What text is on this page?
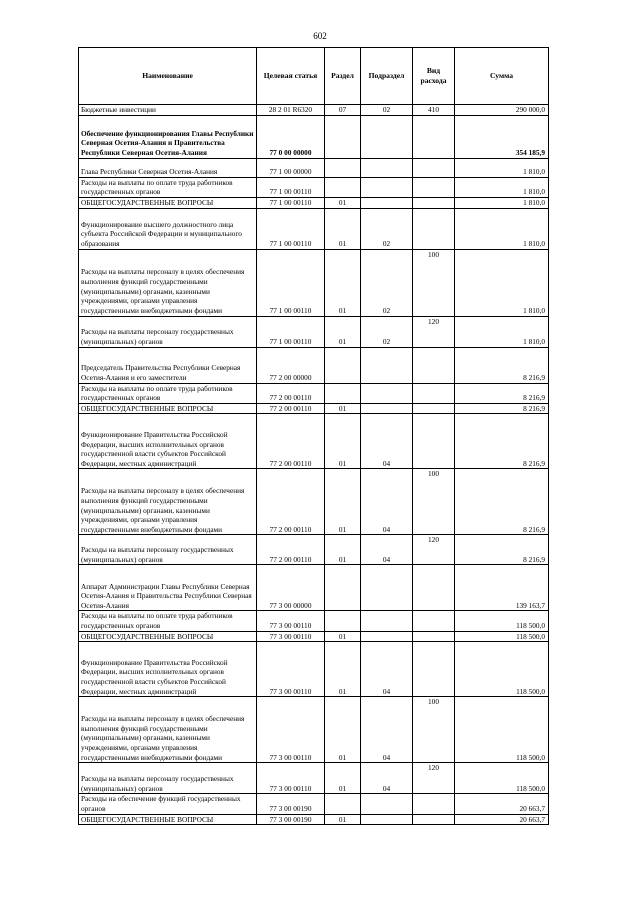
602
Наименование	Целевая статья	Раздел	Подраздел	Вид расхода	Сумма
Бюджетные инвестиции	28 2 01 R6320	07	02	410	290 000,0
Обеспечение функционирования Главы Республики Северная Осетия-Алания и Правительства Республики Северная Осетия-Алания	77 0 00 00000				354 185,9
Глава Республики Северная Осетия-Алания	77 1 00 00000				1 810,0
Расходы на выплаты по оплате труда работников государственных органов	77 1 00 00110				1 810,0
ОБЩЕГОСУДАРСТВЕННЫЕ ВОПРОСЫ	77 1 00 00110	01			1 810,0
Функционирование высшего должностного лица субъекта Российской Федерации и муниципального образования	77 1 00 00110	01	02		1 810,0
Расходы на выплаты персоналу в целях обеспечения выполнения функций государственными (муниципальными) органами, казенными учреждениями, органами управления государственными внебюджетными фондами	77 1 00 00110	01	02	100	1 810,0
Расходы на выплаты персоналу государственных (муниципальных) органов	77 1 00 00110	01	02	120	1 810,0
Председатель Правительства Республики Северная Осетия-Алания и его заместители	77 2 00 00000				8 216,9
Расходы на выплаты по оплате труда работников государственных органов	77 2 00 00110				8 216,9
ОБЩЕГОСУДАРСТВЕННЫЕ ВОПРОСЫ	77 2 00 00110	01			8 216,9
Функционирование Правительства Российской Федерации, высших исполнительных органов государственной власти субъектов Российской Федерации, местных администраций	77 2 00 00110	01	04		8 216,9
Расходы на выплаты персоналу в целях обеспечения выполнения функций государственными (муниципальными) органами, казенными учреждениями, органами управления государственными внебюджетными фондами	77 2 00 00110	01	04	100	8 216,9
Расходы на выплаты персоналу государственных (муниципальных) органов	77 2 00 00110	01	04	120	8 216,9
Аппарат Администрации Главы Республики Северная Осетия-Алания и Правительства Республики Северная Осетия-Алания	77 3 00 00000				139 163,7
Расходы на выплаты по оплате труда работников государственных органов	77 3 00 00110				118 500,0
ОБЩЕГОСУДАРСТВЕННЫЕ ВОПРОСЫ	77 3 00 00110	01			118 500,0
Функционирование Правительства Российской Федерации, высших исполнительных органов государственной власти субъектов Российской Федерации, местных администраций	77 3 00 00110	01	04		118 500,0
Расходы на выплаты персоналу в целях обеспечения выполнения функций государственными (муниципальными) органами, казенными учреждениями, органами управления государственными внебюджетными фондами	77 3 00 00110	01	04	100	118 500,0
Расходы на выплаты персоналу государственных (муниципальных) органов	77 3 00 00110	01	04	120	118 500,0
Расходы на обеспечение функций государственных органов	77 3 00 00190				20 663,7
ОБЩЕГОСУДАРСТВЕННЫЕ ВОПРОСЫ	77 3 00 00190	01			20 663,7
